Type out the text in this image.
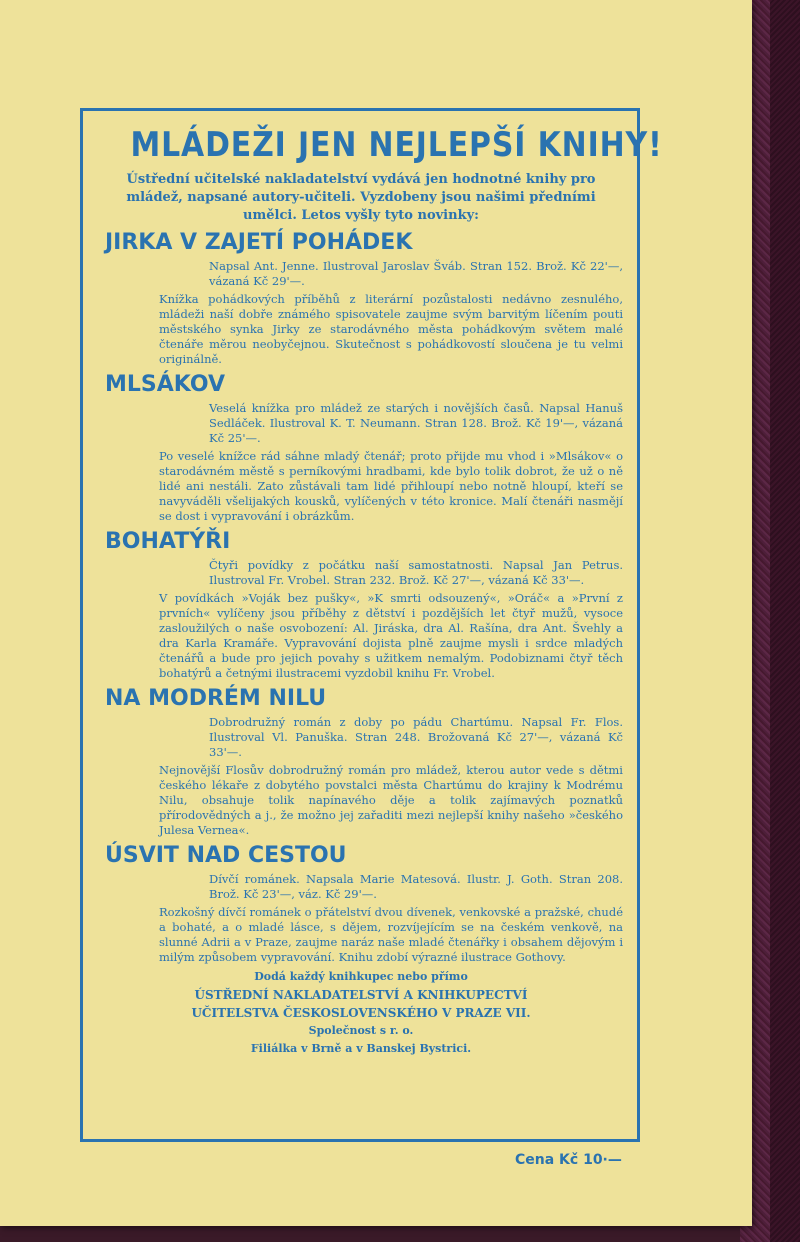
MLÁDEŽI JEN NEJLEPŠÍ KNIHY!
Ústřední učitelské nakladatelství vydává jen hodnotné knihy pro mládež, napsané autory-učiteli. Vyzdobeny jsou našimi předními umělci. Letos vyšly tyto novinky:
JIRKA V ZAJETÍ POHÁDEK
Napsal Ant. Jenne. Ilustroval Jaroslav Šváb. Stran 152. Brož. Kč 22'—, vázaná Kč 29'—.
Knížka pohádkových příběhů z literární pozůstalosti nedávno zesnulého, mládeži naší dobře známého spisovatele zaujme svým barvitým líčením pouti městského synka Jirky ze starodávného města pohádkovým světem malé čtenáře měrou neobyčejnou. Skutečnost s pohádkovostí sloučena je tu velmi originálně.
MLSÁKOV
Veselá knížka pro mládež ze starých i novějších časů. Napsal Hanuš Sedláček. Ilustroval K. T. Neumann. Stran 128. Brož. Kč 19'—, vázaná Kč 25'—.
Po veselé knížce rád sáhne mladý čtenář; proto přijde mu vhod i »Mlsákov« o starodávném městě s perníkovými hradbami, kde bylo tolik dobrot, že už o ně lidé ani nestáli. Zato zůstávali tam lidé přihloupí nebo notně hloupí, kteří se navyváděli všelijakých kousků, vylíčených v této kronice. Malí čtenáři nasmějí se dost i vypravování i obrázkům.
BOHATÝŘI
Čtyři povídky z počátku naší samostatnosti. Napsal Jan Petrus. Ilustroval Fr. Vrobel. Stran 232. Brož. Kč 27'—, vázaná Kč 33'—.
V povídkách »Voják bez pušky«, »K smrti odsouzený«, »Oráč« a »První z prvních« vylíčeny jsou příběhy z dětství i pozdějších let čtyř mužů, vysoce zasloužilých o naše osvobození: Al. Jiráska, dra Al. Rašína, dra Ant. Švehly a dra Karla Kramáře. Vypravování dojista plně zaujme mysli i srdce mladých čtenářů a bude pro jejich povahy s užitkem nemalým. Podobiznami čtyř těch bohatýrů a četnými ilustracemi vyzdobil knihu Fr. Vrobel.
NA MODRÉM NILU
Dobrodružný román z doby po pádu Chartúmu. Napsal Fr. Flos. Ilustroval Vl. Panuška. Stran 248. Brožovaná Kč 27'—, vázaná Kč 33'—.
Nejnovější Flosův dobrodružný román pro mládež, kterou autor vede s dětmi českého lékaře z dobytého povstalci města Chartúmu do krajiny k Modrému Nilu, obsahuje tolik napínavého děje a tolik zajímavých poznatků přírodovědných a j., že možno jej zařaditi mezi nejlepší knihy našeho »českého Julesa Vernea«.
ÚSVIT NAD CESTOU
Dívčí románek. Napsala Marie Matesová. Ilustr. J. Goth. Stran 208. Brož. Kč 23'—, váz. Kč 29'—.
Rozkošný dívčí románek o přátelství dvou dívenek, venkovské a pražské, chudé a bohaté, a o mladé lásce, s dějem, rozvíjejícím se na českém venkově, na slunné Adrii a v Praze, zaujme naráz naše mladé čtenářky i obsahem dějovým i milým způsobem vypravování. Knihu zdobí výrazné ilustrace Gothovy.
Dodá každý knihkupec nebo přímo
ÚSTŘEDNÍ NAKLADATELSTVÍ A KNIHKUPECTVÍ
UČITELSTVA ČESKOSLOVENSKÉHO V PRAZE VII.
Společnost s r. o.
Filiálka v Brně a v Banskej Bystrici.
Cena Kč 10·—
